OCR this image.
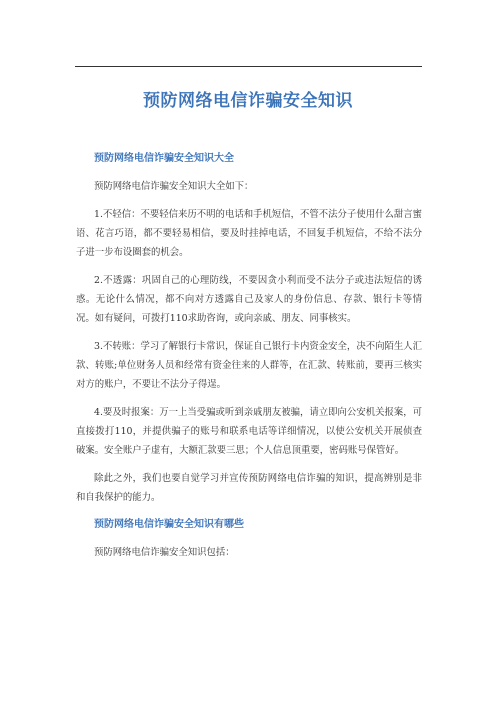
预防网络电信诈骗安全知识
预防网络电信诈骗安全知识大全

预防网络电信诈骗安全知识大全如下：

1.不轻信：不要轻信来历不明的电话和手机短信，不管不法分子使用什么甜言蜜语、花言巧语，都不要轻易相信，要及时挂掉电话，不回复手机短信，不给不法分子进一步布设圈套的机会。

2.不透露：巩固自己的心理防线，不要因贪小利而受不法分子或违法短信的诱惑。无论什么情况，都不向对方透露自己及家人的身份信息、存款、银行卡等情况。如有疑问，可拨打110求助咨询，或向亲戚、朋友、同事核实。

3.不转账：学习了解银行卡常识，保证自己银行卡内资金安全，决不向陌生人汇款、转账;单位财务人员和经常有资金往来的人群等，在汇款、转账前，要再三核实对方的账户，不要让不法分子得逞。

4.要及时报案：万一上当受骗或听到亲戚朋友被骗，请立即向公安机关报案，可直接拨打110，并提供骗子的账号和联系电话等详细情况，以使公安机关开展侦查破案。安全账户子虚有，大额汇款要三思；个人信息顶重要，密码账号保管好。

除此之外，我们也要自觉学习并宣传预防网络电信诈骗的知识，提高辨别是非和自我保护的能力。

预防网络电信诈骗安全知识有哪些

预防网络电信诈骗安全知识包括：
